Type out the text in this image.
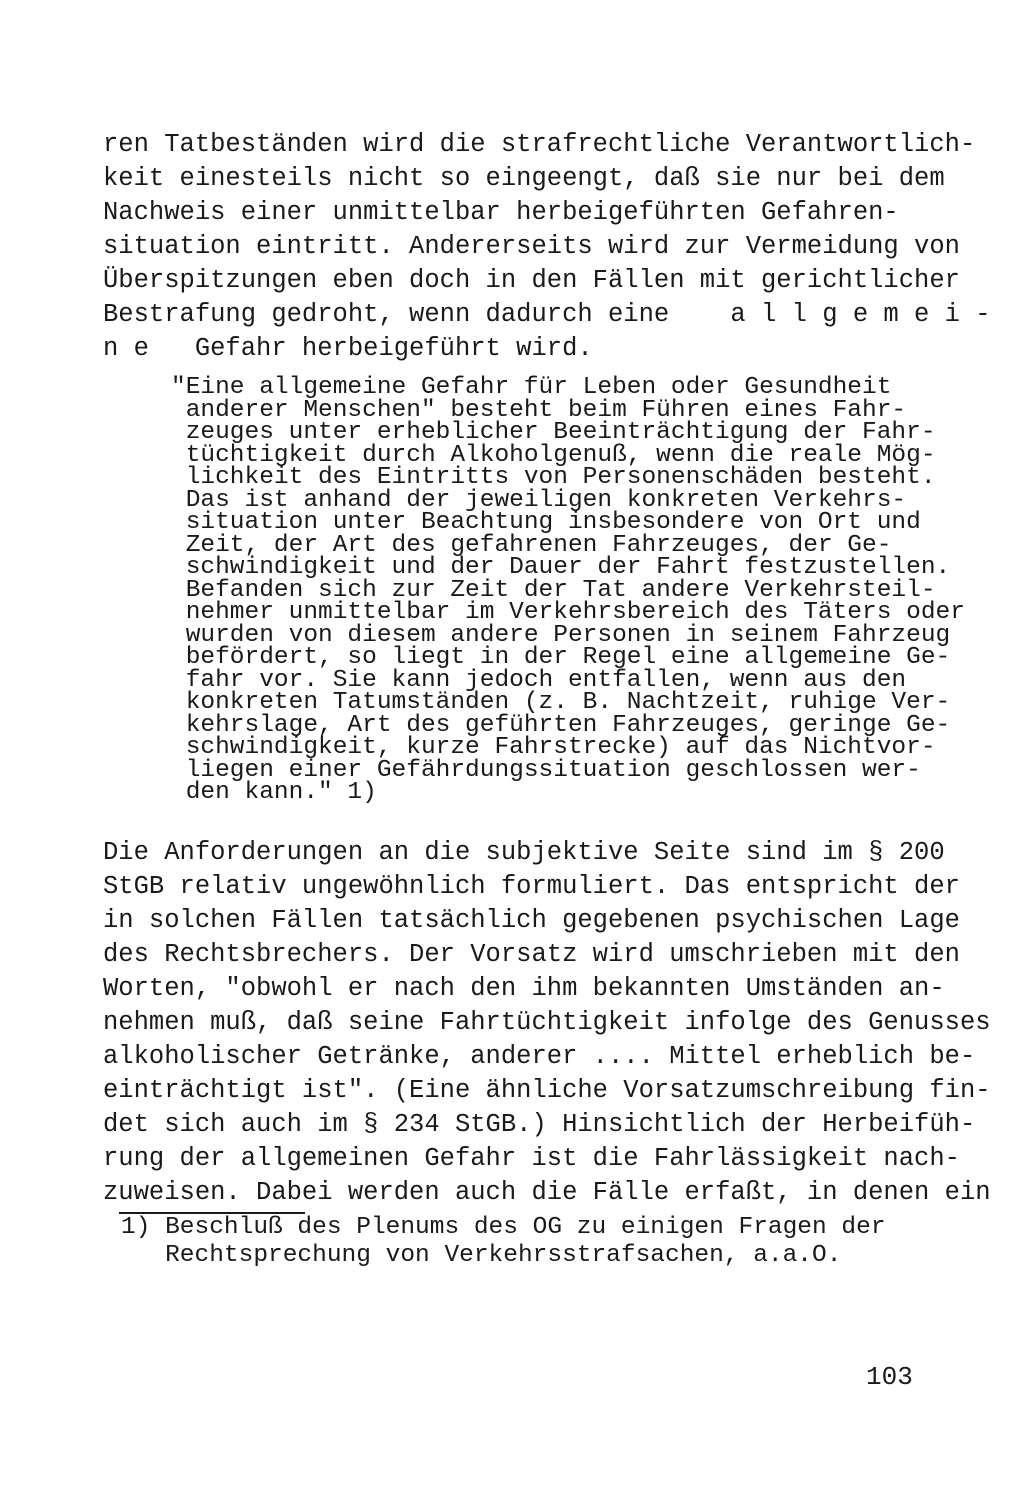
ren Tatbeständen wird die strafrechtliche Verantwortlich-

keit einesteils nicht so eingeengt, daß sie nur bei dem

Nachweis einer unmittelbar herbeigeführten Gefahren-

situation eintritt. Andererseits wird zur Vermeidung von

Überspitzungen eben doch in den Fällen mit gerichtlicher

Bestrafung gedroht, wenn dadurch eine    a l l g e m e i -

n e   Gefahr herbeigeführt wird.

"Eine allgemeine Gefahr für Leben oder Gesundheit

anderer Menschen" besteht beim Führen eines Fahr-

zeuges unter erheblicher Beeinträchtigung der Fahr-

tüchtigkeit durch Alkoholgenuß, wenn die reale Mög-

lichkeit des Eintritts von Personenschäden besteht.

Das ist anhand der jeweiligen konkreten Verkehrs-

situation unter Beachtung insbesondere von Ort und

Zeit, der Art des gefahrenen Fahrzeuges, der Ge-

schwindigkeit und der Dauer der Fahrt festzustellen.

Befanden sich zur Zeit der Tat andere Verkehrsteil-

nehmer unmittelbar im Verkehrsbereich des Täters oder

wurden von diesem andere Personen in seinem Fahrzeug

befördert, so liegt in der Regel eine allgemeine Ge-

fahr vor. Sie kann jedoch entfallen, wenn aus den

konkreten Tatumständen (z. B. Nachtzeit, ruhige Ver-

kehrslage, Art des geführten Fahrzeuges, geringe Ge-

schwindigkeit, kurze Fahrstrecke) auf das Nichtvor-

liegen einer Gefährdungssituation geschlossen wer-

den kann." 1)

Die Anforderungen an die subjektive Seite sind im § 200

StGB relativ ungewöhnlich formuliert. Das entspricht der

in solchen Fällen tatsächlich gegebenen psychischen Lage

des Rechtsbrechers. Der Vorsatz wird umschrieben mit den

Worten, "obwohl er nach den ihm bekannten Umständen an-

nehmen muß, daß seine Fahrtüchtigkeit infolge des Genusses

alkoholischer Getränke, anderer .... Mittel erheblich be-

einträchtigt ist". (Eine ähnliche Vorsatzumschreibung fin-

det sich auch im § 234 StGB.) Hinsichtlich der Herbeifüh-

rung der allgemeinen Gefahr ist die Fahrlässigkeit nach-

zuweisen. Dabei werden auch die Fälle erfaßt, in denen ein

1) Beschluß des Plenums des OG zu einigen Fragen der

Rechtsprechung von Verkehrsstrafsachen, a.a.O.

103
